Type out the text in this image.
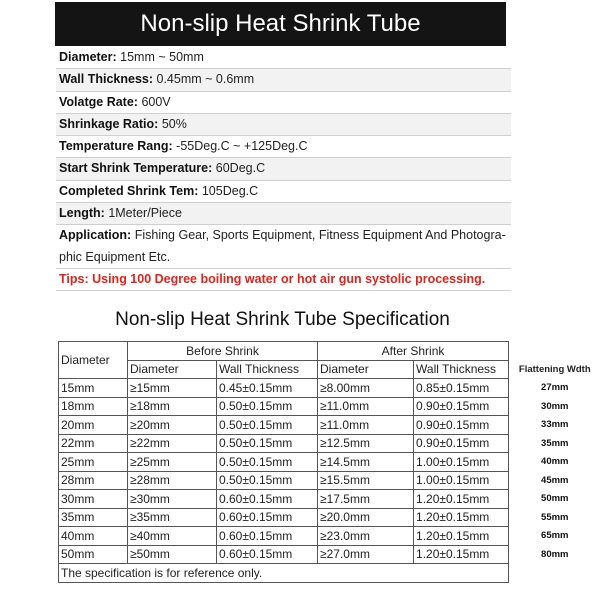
Non-slip Heat Shrink Tube
Diameter: 15mm ~ 50mm
Wall Thickness: 0.45mm ~ 0.6mm
Volatge Rate: 600V
Shrinkage Ratio: 50%
Temperature Rang: -55Deg.C ~ +125Deg.C
Start Shrink Temperature: 60Deg.C
Completed Shrink Tem: 105Deg.C
Length: 1Meter/Piece
Application: Fishing Gear, Sports Equipment, Fitness Equipment And Photogra-
phic Equipment Etc.
Tips: Using 100 Degree boiling water or hot air gun systolic processing.
Non-slip Heat Shrink Tube Specification
Diameter	Before Shrink		After Shrink		
	Diameter	Wall Thickness	Diameter	Wall Thickness	Flattening Wdth
15mm	≥15mm	0.45±0.15mm	≥8.00mm	0.85±0.15mm	27mm
18mm	≥18mm	0.50±0.15mm	≥11.0mm	0.90±0.15mm	30mm
20mm	≥20mm	0.50±0.15mm	≥11.0mm	0.90±0.15mm	33mm
22mm	≥22mm	0.50±0.15mm	≥12.5mm	0.90±0.15mm	35mm
25mm	≥25mm	0.50±0.15mm	≥14.5mm	1.00±0.15mm	40mm
28mm	≥28mm	0.50±0.15mm	≥15.5mm	1.00±0.15mm	45mm
30mm	≥30mm	0.60±0.15mm	≥17.5mm	1.20±0.15mm	50mm
35mm	≥35mm	0.60±0.15mm	≥20.0mm	1.20±0.15mm	55mm
40mm	≥40mm	0.60±0.15mm	≥23.0mm	1.20±0.15mm	65mm
50mm	≥50mm	0.60±0.15mm	≥27.0mm	1.20±0.15mm	80mm
The specification is for reference only.					
